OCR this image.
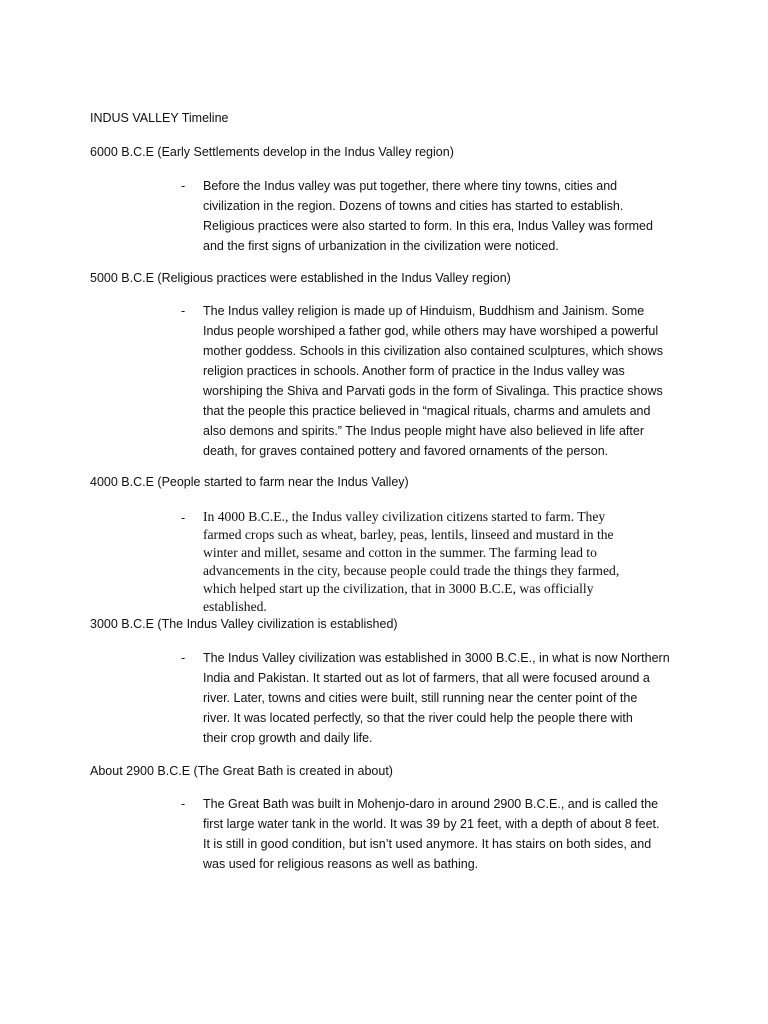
INDUS VALLEY Timeline
6000 B.C.E (Early Settlements develop in the Indus Valley region)
- Before the Indus valley was put together, there where tiny towns, cities and
civilization in the region. Dozens of towns and cities has started to establish.
Religious practices were also started to form. In this era, Indus Valley was formed
and the first signs of urbanization in the civilization were noticed.
5000 B.C.E (Religious practices were established in the Indus Valley region)
- The Indus valley religion is made up of Hinduism, Buddhism and Jainism. Some
Indus people worshiped a father god, while others may have worshiped a powerful
mother goddess. Schools in this civilization also contained sculptures, which shows
religion practices in schools. Another form of practice in the Indus valley was
worshiping the Shiva and Parvati gods in the form of Sivalinga. This practice shows
that the people this practice believed in “magical rituals, charms and amulets and
also demons and spirits.” The Indus people might have also believed in life after
death, for graves contained pottery and favored ornaments of the person.
4000 B.C.E (People started to farm near the Indus Valley)
- In 4000 B.C.E., the Indus valley civilization citizens started to farm. They
farmed crops such as wheat, barley, peas, lentils, linseed and mustard in the
winter and millet, sesame and cotton in the summer. The farming lead to
advancements in the city, because people could trade the things they farmed,
which helped start up the civilization, that in 3000 B.C.E, was officially
established.
3000 B.C.E (The Indus Valley civilization is established)
- The Indus Valley civilization was established in 3000 B.C.E., in what is now Northern
India and Pakistan. It started out as lot of farmers, that all were focused around a
river. Later, towns and cities were built, still running near the center point of the
river. It was located perfectly, so that the river could help the people there with
their crop growth and daily life.
About 2900 B.C.E (The Great Bath is created in about)
- The Great Bath was built in Mohenjo-daro in around 2900 B.C.E., and is called the
first large water tank in the world. It was 39 by 21 feet, with a depth of about 8 feet.
It is still in good condition, but isn’t used anymore. It has stairs on both sides, and
was used for religious reasons as well as bathing.
